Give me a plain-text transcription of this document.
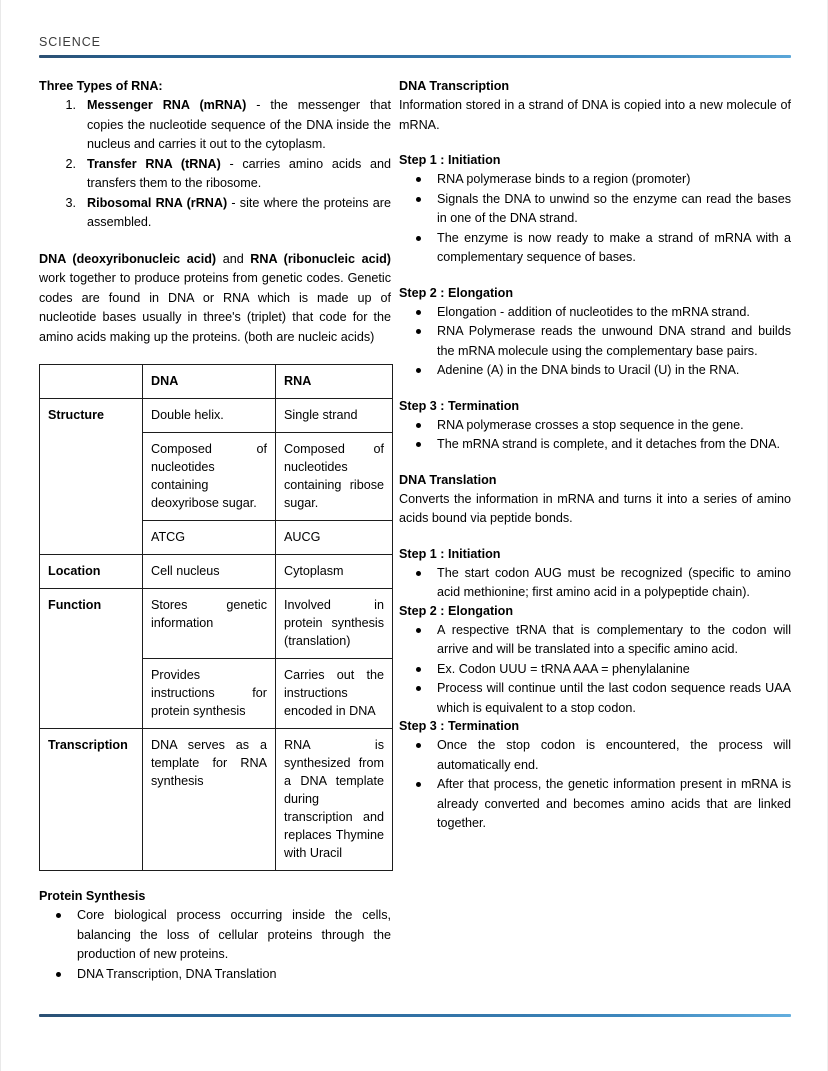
SCIENCE
Three Types of RNA:
1. Messenger RNA (mRNA) - the messenger that copies the nucleotide sequence of the DNA inside the nucleus and carries it out to the cytoplasm.
2. Transfer RNA (tRNA) - carries amino acids and transfers them to the ribosome.
3. Ribosomal RNA (rRNA) - site where the proteins are assembled.

DNA (deoxyribonucleic acid) and RNA (ribonucleic acid) work together to produce proteins from genetic codes. Genetic codes are found in DNA or RNA which is made up of nucleotide bases usually in three's (triplet) that code for the amino acids making up the proteins. (both are nucleic acids)

	DNA	RNA
Structure	Double helix.	Single strand
	Composed of nucleotides containing deoxyribose sugar.	Composed of nucleotides containing ribose sugar.
	ATCG	AUCG
Location	Cell nucleus	Cytoplasm
Function	Stores genetic information	Involved in protein synthesis (translation)
	Provides instructions for protein synthesis	Carries out the instructions encoded in DNA
Transcription	DNA serves as a template for RNA synthesis	RNA is synthesized from a DNA template during transcription and replaces Thymine with Uracil
Protein Synthesis
Core biological process occurring inside the cells, balancing the loss of cellular proteins through the production of new proteins.
DNA Transcription, DNA Translation
DNA Transcription

Information stored in a strand of DNA is copied into a new molecule of mRNA.

Step 1 : Initiation
RNA polymerase binds to a region (promoter)
Signals the DNA to unwind so the enzyme can read the bases in one of the DNA strand.
The enzyme is now ready to make a strand of mRNA with a complementary sequence of bases.
Step 2 : Elongation
Elongation - addition of nucleotides to the mRNA strand.
RNA Polymerase reads the unwound DNA strand and builds the mRNA molecule using the complementary base pairs.
Adenine (A) in the DNA binds to Uracil (U) in the RNA.
Step 3 : Termination
RNA polymerase crosses a stop sequence in the gene.
The mRNA strand is complete, and it detaches from the DNA.
DNA Translation

Converts the information in mRNA and turns it into a series of amino acids bound via peptide bonds.

Step 1 : Initiation
The start codon AUG must be recognized (specific to amino acid methionine; first amino acid in a polypeptide chain).
Step 2 : Elongation
A respective tRNA that is complementary to the codon will arrive and will be translated into a specific amino acid.
Ex. Codon UUU = tRNA AAA = phenylalanine
Process will continue until the last codon sequence reads UAA which is equivalent to a stop codon.
Step 3 : Termination
Once the stop codon is encountered, the process will automatically end.
After that process, the genetic information present in mRNA is already converted and becomes amino acids that are linked together.
